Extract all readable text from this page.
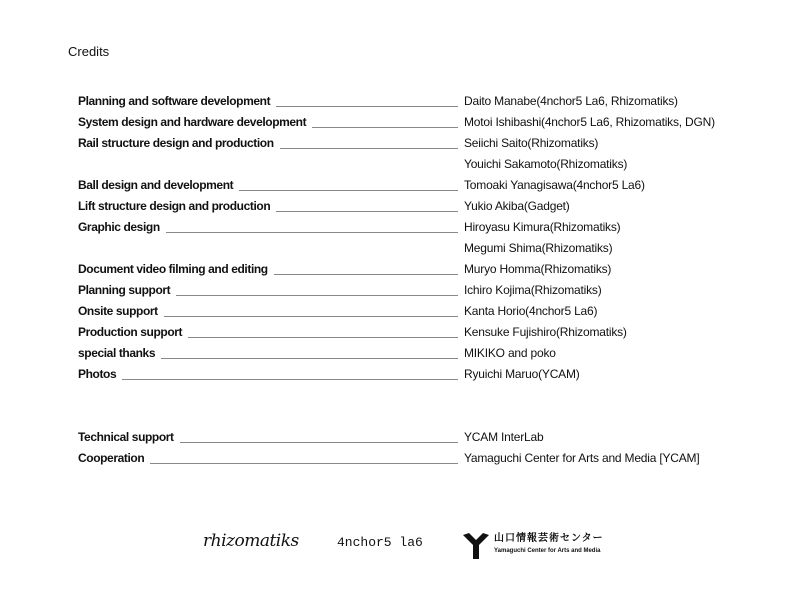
Credits
Planning and software development	Daito Manabe(4nchor5 La6, Rhizomatiks)
System design and hardware development	Motoi Ishibashi(4nchor5 La6, Rhizomatiks, DGN)
Rail structure design and production	Seiichi Saito(Rhizomatiks)
Youichi Sakamoto(Rhizomatiks)
Ball design and development	Tomoaki Yanagisawa(4nchor5 La6)
Lift structure design and production	Yukio Akiba(Gadget)
Graphic design	Hiroyasu Kimura(Rhizomatiks)
Megumi Shima(Rhizomatiks)
Document video filming and editing	Muryo Homma(Rhizomatiks)
Planning support	Ichiro Kojima(Rhizomatiks)
Onsite support	Kanta Horio(4nchor5 La6)
Production support	Kensuke Fujishiro(Rhizomatiks)
special thanks	MIKIKO and poko
Photos	Ryuichi Maruo(YCAM)
Technical support	YCAM InterLab
Cooperation	Yamaguchi Center for Arts and Media [YCAM]
rhizomatiks	4nchor5 la6	山口情報芸術センター
Yamaguchi Center for Arts and Media
